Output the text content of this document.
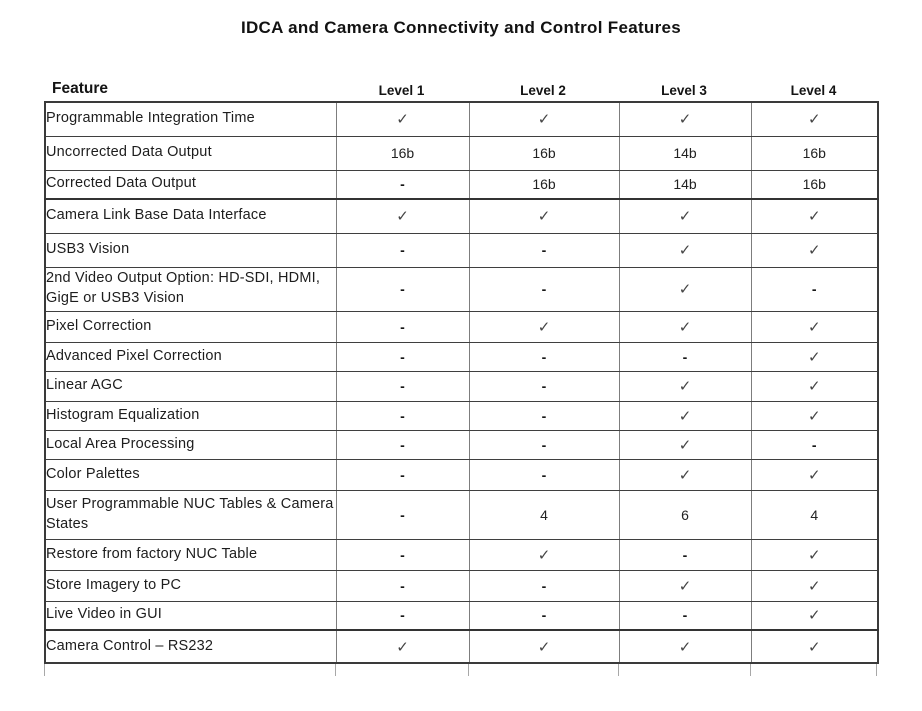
IDCA and Camera Connectivity and Control Features
Feature	Level 1	Level 2	Level 3	Level 4
Programmable Integration Time	✓	✓	✓	✓
Uncorrected Data Output	16b	16b	14b	16b
Corrected Data Output	-	16b	14b	16b
Camera Link Base Data Interface	✓	✓	✓	✓
USB3 Vision	-	-	✓	✓
2nd Video Output Option: HD-SDI, HDMI, GigE or USB3 Vision	-	-	✓	-
Pixel Correction	-	✓	✓	✓
Advanced Pixel Correction	-	-	-	✓
Linear AGC	-	-	✓	✓
Histogram Equalization	-	-	✓	✓
Local Area Processing	-	-	✓	-
Color Palettes	-	-	✓	✓
User Programmable NUC Tables & Camera States	-	4	6	4
Restore from factory NUC Table	-	✓	-	✓
Store Imagery to PC	-	-	✓	✓
Live Video in GUI	-	-	-	✓
Camera Control – RS232	✓	✓	✓	✓
